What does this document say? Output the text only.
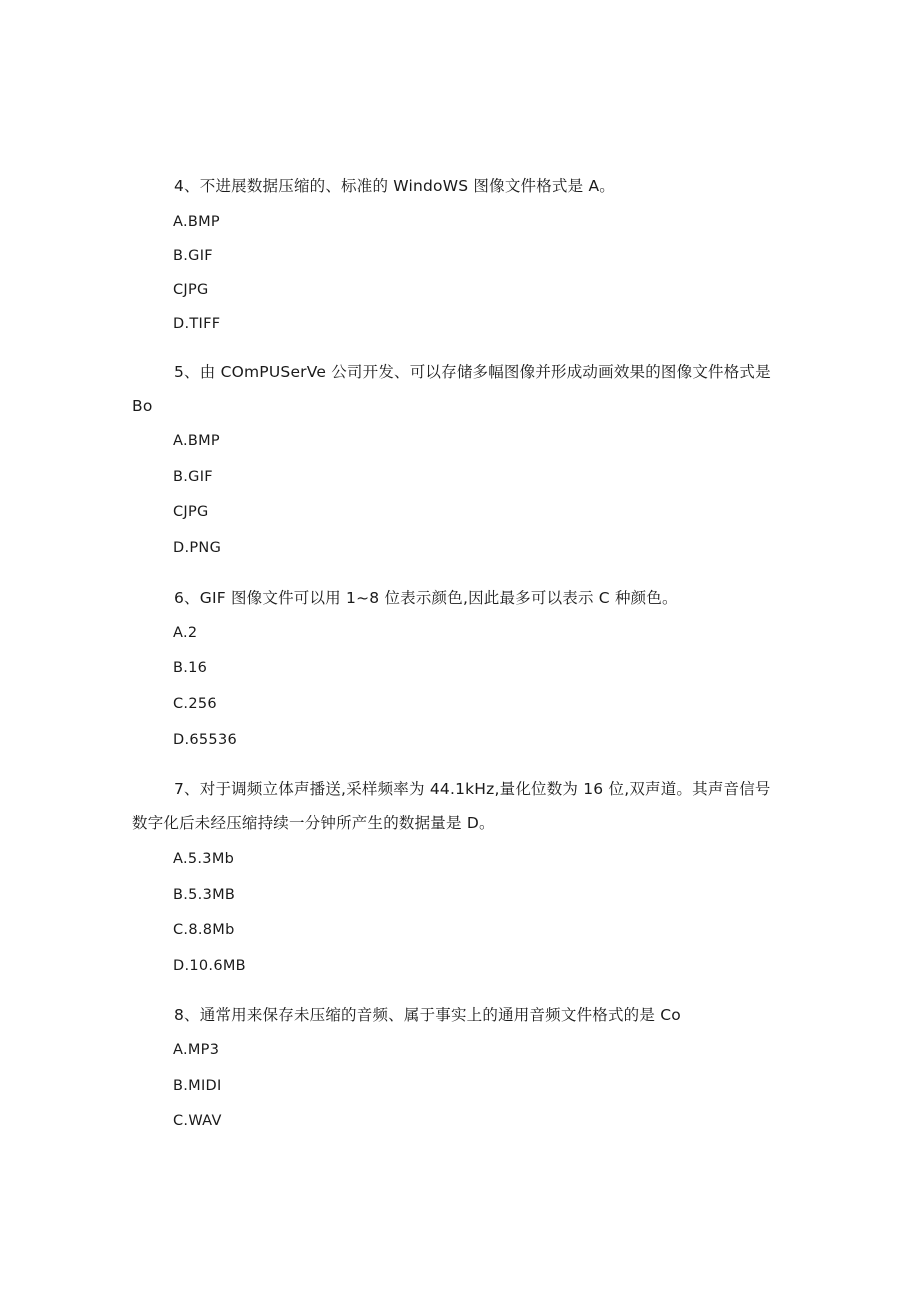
4、不进展数据压缩的、标准的 WindoWS 图像文件格式是 A。

A.BMP

B.GIF

CJPG

D.TIFF

5、由 COmPUSerVe 公司开发、可以存储多幅图像并形成动画效果的图像文件格式是 Bo

A.BMP

B.GIF

CJPG

D.PNG

6、GIF 图像文件可以用 1~8 位表示颜色,因此最多可以表示 C 种颜色。

A.2

B.16

C.256

D.65536

7、对于调频立体声播送,采样频率为 44.1kHz,量化位数为 16 位,双声道。其声音信号数字化后未经压缩持续一分钟所产生的数据量是 D。

A.5.3Mb

B.5.3MB

C.8.8Mb

D.10.6MB

8、通常用来保存未压缩的音频、属于事实上的通用音频文件格式的是 Co

A.MP3

B.MIDI

C.WAV
